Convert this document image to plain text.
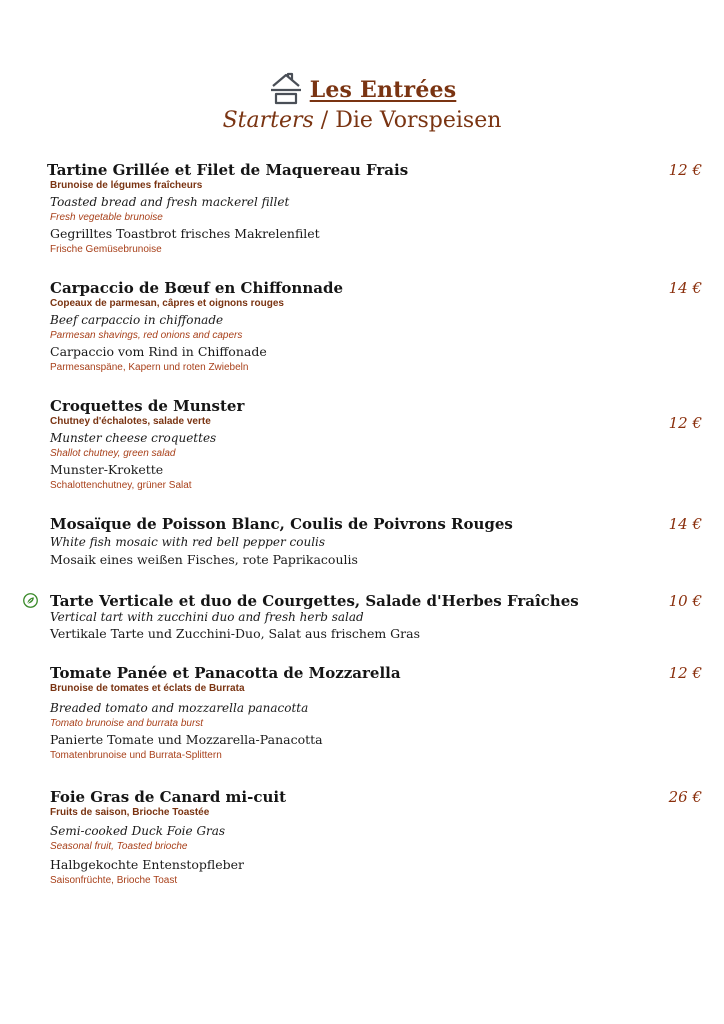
Les Entrées
Starters / Die Vorspeisen
Tartine Grillée et Filet de Maquereau Frais	12 €
Brunoise de légumes fraîcheurs
Toasted bread and fresh mackerel fillet
Fresh vegetable brunoise
Gegrilltes Toastbrot frisches Makrelenfilet
Frische Gemüsebrunoise
Carpaccio de Bœuf en Chiffonnade	14 €
Copeaux de parmesan, câpres et oignons rouges
Beef carpaccio in chiffonade
Parmesan shavings, red onions and capers
Carpaccio vom Rind in Chiffonade
Parmesanspäne, Kapern und roten Zwiebeln
Croquettes de Munster
12 €
Chutney d'échalotes, salade verte
Munster cheese croquettes
Shallot chutney, green salad
Munster-Krokette
Schalottenchutney, grüner Salat
Mosaïque de Poisson Blanc, Coulis de Poivrons Rouges	14 €
White fish mosaic with red bell pepper coulis
Mosaik eines weißen Fisches, rote Paprikacoulis
Tarte Verticale et duo de Courgettes, Salade d'Herbes Fraîches	10 €
Vertical tart with zucchini duo and fresh herb salad
Vertikale Tarte und Zucchini-Duo, Salat aus frischem Gras
Tomate Panée et Panacotta de Mozzarella	12 €
Brunoise de tomates et éclats de Burrata
Breaded tomato and mozzarella panacotta
Tomato brunoise and burrata burst
Panierte Tomate und Mozzarella-Panacotta
Tomatenbrunoise und Burrata-Splittern
Foie Gras de Canard mi-cuit	26 €
Fruits de saison, Brioche Toastée
Semi-cooked Duck Foie Gras
Seasonal fruit, Toasted brioche
Halbgekochte Entenstopfleber
Saisonfrüchte, Brioche Toast
